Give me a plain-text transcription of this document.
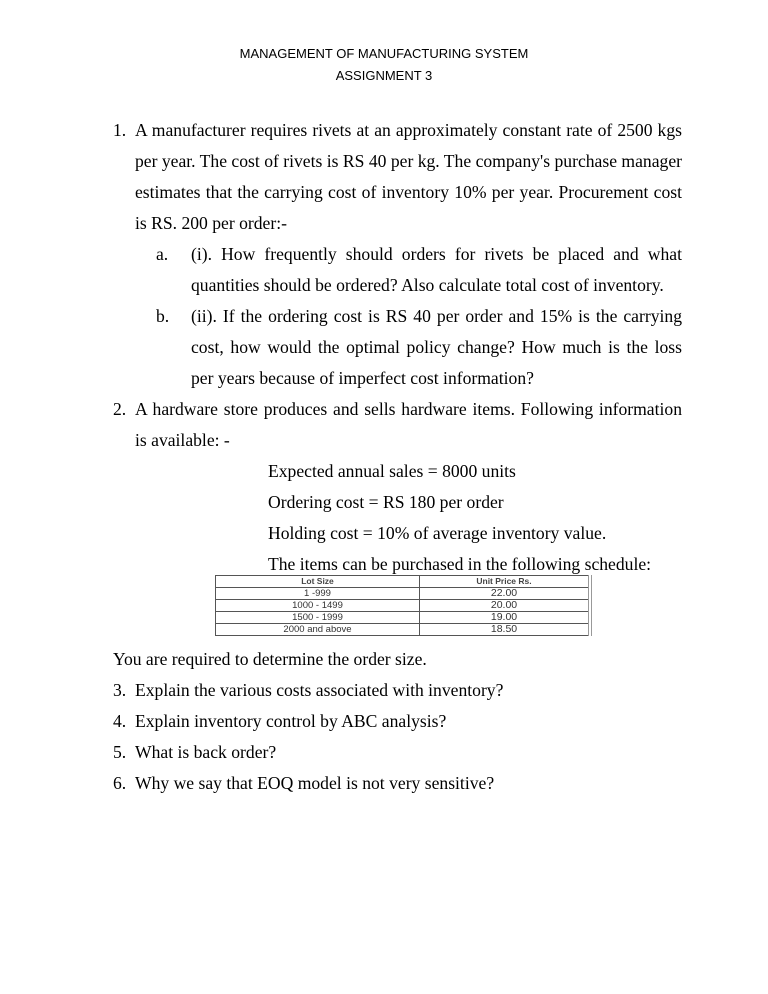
MANAGEMENT OF MANUFACTURING SYSTEM
ASSIGNMENT 3
1. A manufacturer requires rivets at an approximately constant rate of 2500 kgs per year. The cost of rivets is RS 40 per kg. The company's purchase manager estimates that the carrying cost of inventory 10% per year. Procurement cost is RS. 200 per order:-
a. (i). How frequently should orders for rivets be placed and what quantities should be ordered? Also calculate total cost of inventory.
b. (ii). If the ordering cost is RS 40 per order and 15% is the carrying cost, how would the optimal policy change? How much is the loss per years because of imperfect cost information?
2. A hardware store produces and sells hardware items. Following information is available: -
Expected annual sales = 8000 units
Ordering cost = RS 180 per order
Holding cost = 10% of average inventory value.
The items can be purchased in the following schedule:
Lot Size	Unit Price Rs.
1 -999	22.00
1000 - 1499	20.00
1500 - 1999	19.00
2000 and above	18.50
You are required to determine the order size.
3. Explain the various costs associated with inventory?
4. Explain inventory control by ABC analysis?
5. What is back order?
6. Why we say that EOQ model is not very sensitive?
